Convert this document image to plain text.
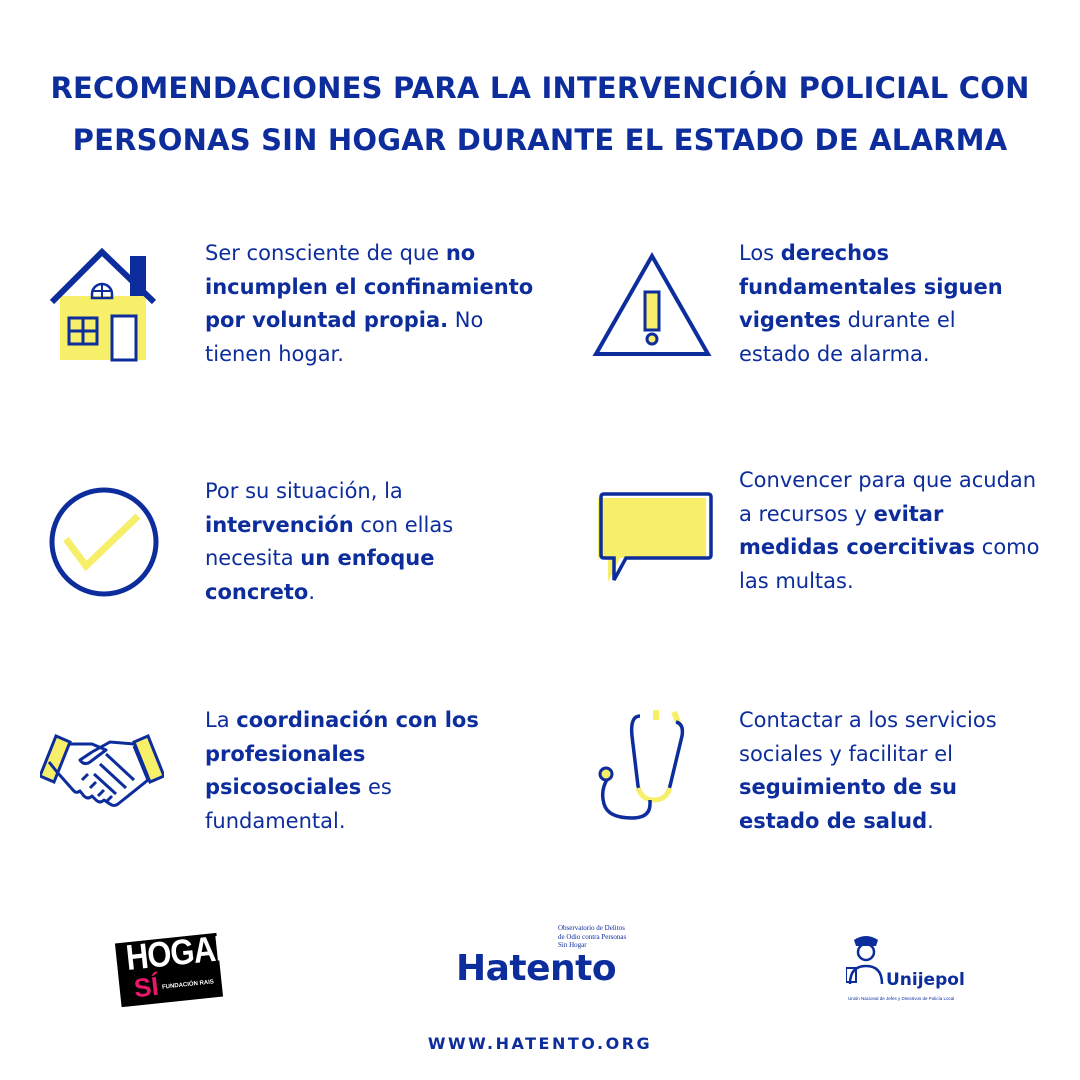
RECOMENDACIONES PARA LA INTERVENCIÓN POLICIAL CON
PERSONAS SIN HOGAR DURANTE EL ESTADO DE ALARMA
Ser consciente de que no incumplen el confinamiento por voluntad propia. No tienen hogar.
Los derechos fundamentales siguen vigentes durante el estado de alarma.
Por su situación, la intervención con ellas necesita un enfoque concreto.
Convencer para que acudan a recursos y evitar medidas coercitivas como las multas.
La coordinación con los profesionales psicosociales es fundamental.
Contactar a los servicios sociales y facilitar el seguimiento de su estado de salud.
HOGAR
SÍ FUNDACIÓN RAIS
Observatorio de Delitos
de Odio contra Personas
Sin Hogar
Hatento	Unijepol
Unión Nacional de Jefes y Directivos de Policía Local
WWW.HATENTO.ORG
